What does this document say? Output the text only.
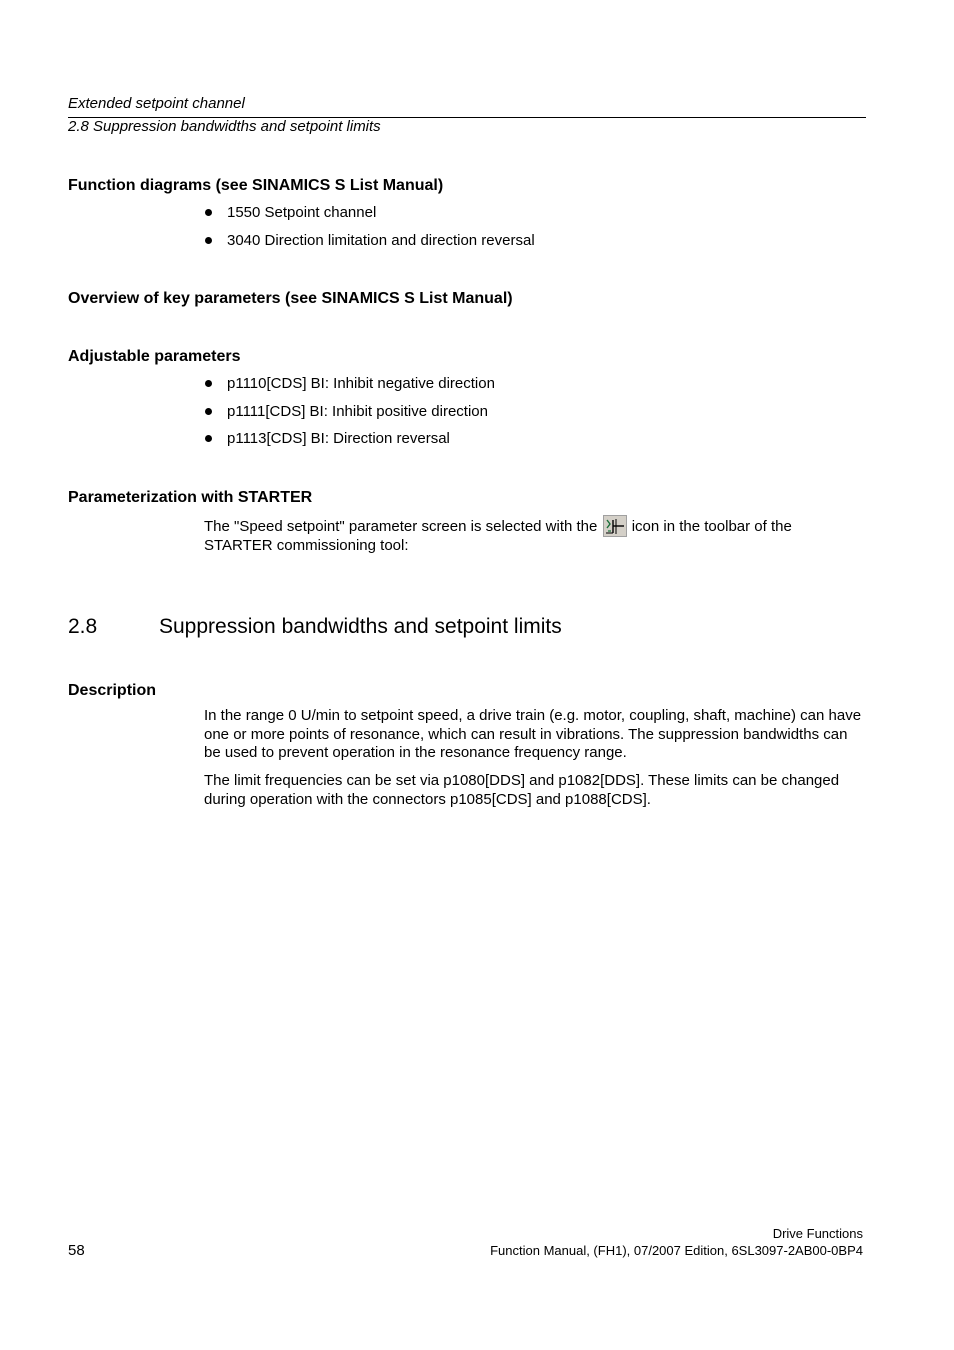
Extended setpoint channel
2.8 Suppression bandwidths and setpoint limits
Function diagrams (see SINAMICS S List Manual)
1550 Setpoint channel
3040 Direction limitation and direction reversal
Overview of key parameters (see SINAMICS S List Manual)
Adjustable parameters
p1110[CDS] BI: Inhibit negative direction
p1111[CDS] BI: Inhibit positive direction
p1113[CDS] BI: Direction reversal
Parameterization with STARTER
The "Speed setpoint" parameter screen is selected with the icon in the toolbar of the
STARTER commissioning tool:
2.8	Suppression bandwidths and setpoint limits
Description
In the range 0 U/min to setpoint speed, a drive train (e.g. motor, coupling, shaft, machine) can have one or more points of resonance, which can result in vibrations. The suppression bandwidths can be used to prevent operation in the resonance frequency range.
The limit frequencies can be set via p1080[DDS] and p1082[DDS]. These limits can be changed during operation with the connectors p1085[CDS] and p1088[CDS].
58
Drive Functions
Function Manual, (FH1), 07/2007 Edition, 6SL3097-2AB00-0BP4
